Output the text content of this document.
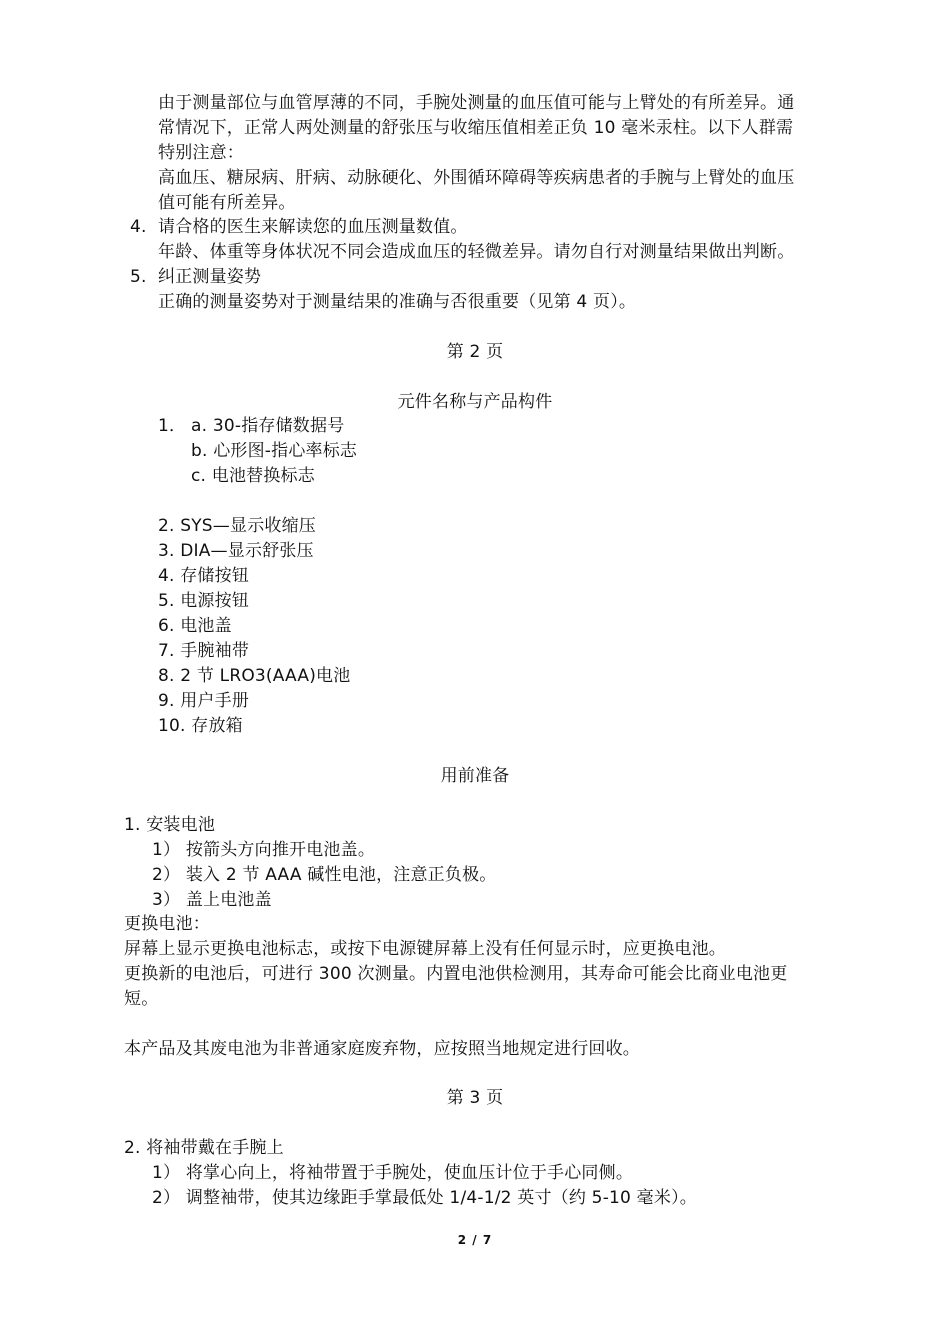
由于测量部位与血管厚薄的不同，手腕处测量的血压值可能与上臂处的有所差异。通
常情况下，正常人两处测量的舒张压与收缩压值相差正负 10 毫米汞柱。以下人群需
特别注意：
高血压、糖尿病、肝病、动脉硬化、外围循环障碍等疾病患者的手腕与上臂处的血压
值可能有所差异。
4. 请合格的医生来解读您的血压测量数值。
年龄、体重等身体状况不同会造成血压的轻微差异。请勿自行对测量结果做出判断。
5. 纠正测量姿势
正确的测量姿势对于测量结果的准确与否很重要（见第 4 页）。
第 2 页
元件名称与产品构件
1． a. 30-指存储数据号
b. 心形图-指心率标志
c. 电池替换标志
2. SYS—显示收缩压
3. DIA—显示舒张压
4. 存储按钮
5. 电源按钮
6. 电池盖
7. 手腕袖带
8. 2 节 LRO3(AAA)电池
9. 用户手册
10. 存放箱
用前准备
1. 安装电池
1） 按箭头方向推开电池盖。
2） 装入 2 节 AAA 碱性电池，注意正负极。
3） 盖上电池盖
更换电池：
屏幕上显示更换电池标志，或按下电源键屏幕上没有任何显示时，应更换电池。
更换新的电池后，可进行 300 次测量。内置电池供检测用，其寿命可能会比商业电池更
短。
本产品及其废电池为非普通家庭废弃物，应按照当地规定进行回收。
第 3 页
2. 将袖带戴在手腕上
1） 将掌心向上，将袖带置于手腕处，使血压计位于手心同侧。
2） 调整袖带，使其边缘距手掌最低处 1/4-1/2 英寸（约 5-10 毫米）。
2 / 7
